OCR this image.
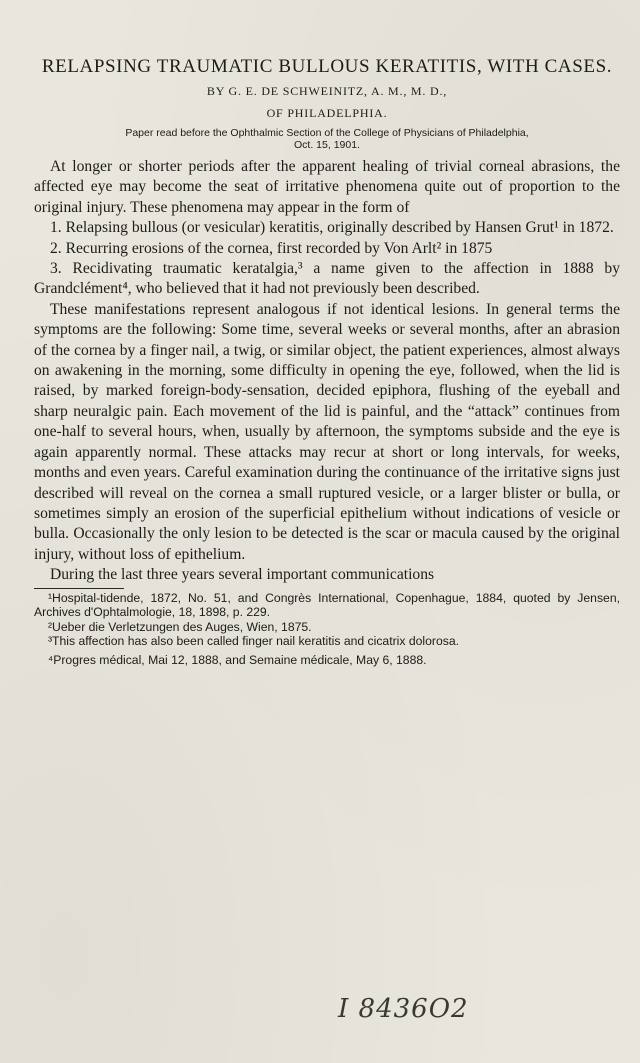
RELAPSING TRAUMATIC BULLOUS KERATITIS, WITH CASES.
BY G. E. DE SCHWEINITZ, A. M., M. D.,
OF PHILADELPHIA.
Paper read before the Ophthalmic Section of the College of Physicians of Philadelphia,
Oct. 15, 1901.

At longer or shorter periods after the apparent healing of trivial corneal abrasions, the affected eye may become the seat of irritative phenomena quite out of proportion to the original injury. These phenomena may appear in the form of

1. Relapsing bullous (or vesicular) keratitis, originally described by Hansen Grut¹ in 1872.

2. Recurring erosions of the cornea, first recorded by Von Arlt² in 1875

3. Recidivating traumatic keratalgia,³ a name given to the affection in 1888 by Grandclément⁴, who believed that it had not previously been described.

These manifestations represent analogous if not identical lesions. In general terms the symptoms are the following: Some time, several weeks or several months, after an abrasion of the cornea by a finger nail, a twig, or similar object, the patient experiences, almost always on awakening in the morning, some difficulty in opening the eye, followed, when the lid is raised, by marked foreign-body-sensation, decided epiphora, flushing of the eyeball and sharp neuralgic pain. Each movement of the lid is painful, and the “attack” continues from one-half to several hours, when, usually by afternoon, the symptoms subside and the eye is again apparently normal. These attacks may recur at short or long intervals, for weeks, months and even years. Careful examination during the continuance of the irritative signs just described will reveal on the cornea a small ruptured vesicle, or a larger blister or bulla, or sometimes simply an erosion of the superficial epithelium without indications of vesicle or bulla. Occasionally the only lesion to be detected is the scar or macula caused by the original injury, without loss of epithelium.

During the last three years several important communications

¹Hospital-tidende, 1872, No. 51, and Congrès International, Copenhague, 1884, quoted by Jensen, Archives d'Ophtalmologie, 18, 1898, p. 229.

²Ueber die Verletzungen des Auges, Wien, 1875.

³This affection has also been called finger nail keratitis and cicatrix dolorosa.

⁴Progres médical, Mai 12, 1888, and Semaine médicale, May 6, 1888.

I 8436O2
